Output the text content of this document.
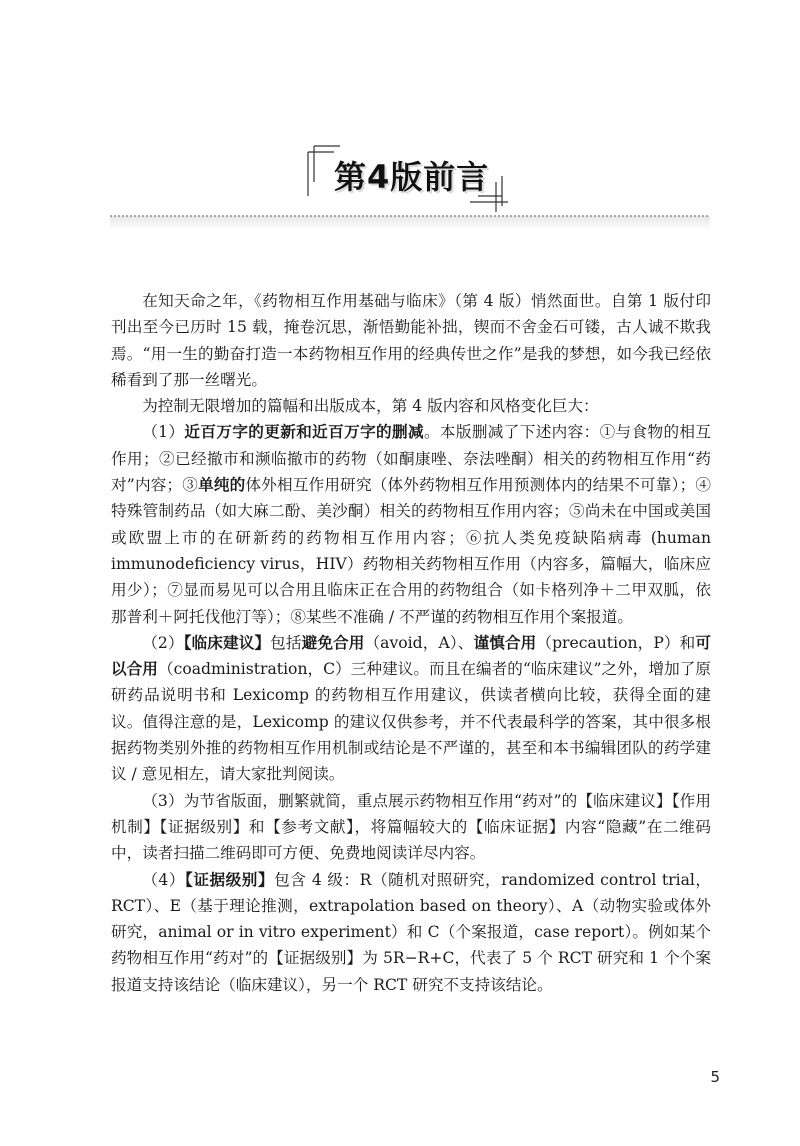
第4版前言

在知天命之年，《药物相互作用基础与临床》（第 4 版）悄然面世。自第 1 版付印刊出至今已历时 15 载，掩卷沉思，渐悟勤能补拙，锲而不舍金石可镂，古人诚不欺我焉。“用一生的勤奋打造一本药物相互作用的经典传世之作”是我的梦想，如今我已经依稀看到了那一丝曙光。

为控制无限增加的篇幅和出版成本，第 4 版内容和风格变化巨大：

（1）近百万字的更新和近百万字的删减。本版删减了下述内容：①与食物的相互作用；②已经撤市和濒临撤市的药物（如酮康唑、奈法唑酮）相关的药物相互作用“药对”内容；③单纯的体外相互作用研究（体外药物相互作用预测体内的结果不可靠）；④特殊管制药品（如大麻二酚、美沙酮）相关的药物相互作用内容；⑤尚未在中国或美国或欧盟上市的在研新药的药物相互作用内容；⑥抗人类免疫缺陷病毒 (human immunodeficiency virus，HIV）药物相关药物相互作用（内容多，篇幅大，临床应用少）；⑦显而易见可以合用且临床正在合用的药物组合（如卡格列净＋二甲双胍，依那普利＋阿托伐他汀等）；⑧某些不准确 / 不严谨的药物相互作用个案报道。

（2）【临床建议】包括避免合用（avoid，A）、谨慎合用（precaution，P）和可以合用（coadministration，C）三种建议。而且在编者的“临床建议”之外，增加了原研药品说明书和 Lexicomp 的药物相互作用建议，供读者横向比较，获得全面的建议。值得注意的是，Lexicomp 的建议仅供参考，并不代表最科学的答案，其中很多根据药物类别外推的药物相互作用机制或结论是不严谨的，甚至和本书编辑团队的药学建议 / 意见相左，请大家批判阅读。

（3）为节省版面，删繁就简，重点展示药物相互作用“药对”的【临床建议】【作用机制】【证据级别】和【参考文献】，将篇幅较大的【临床证据】内容“隐藏”在二维码中，读者扫描二维码即可方便、免费地阅读详尽内容。

（4）【证据级别】包含 4 级：R（随机对照研究，randomized control trial，RCT）、E（基于理论推测，extrapolation based on theory）、A（动物实验或体外研究，animal or in vitro experiment）和 C（个案报道，case report）。例如某个药物相互作用“药对”的【证据级别】为 5R−R+C，代表了 5 个 RCT 研究和 1 个个案报道支持该结论（临床建议），另一个 RCT 研究不支持该结论。

5
